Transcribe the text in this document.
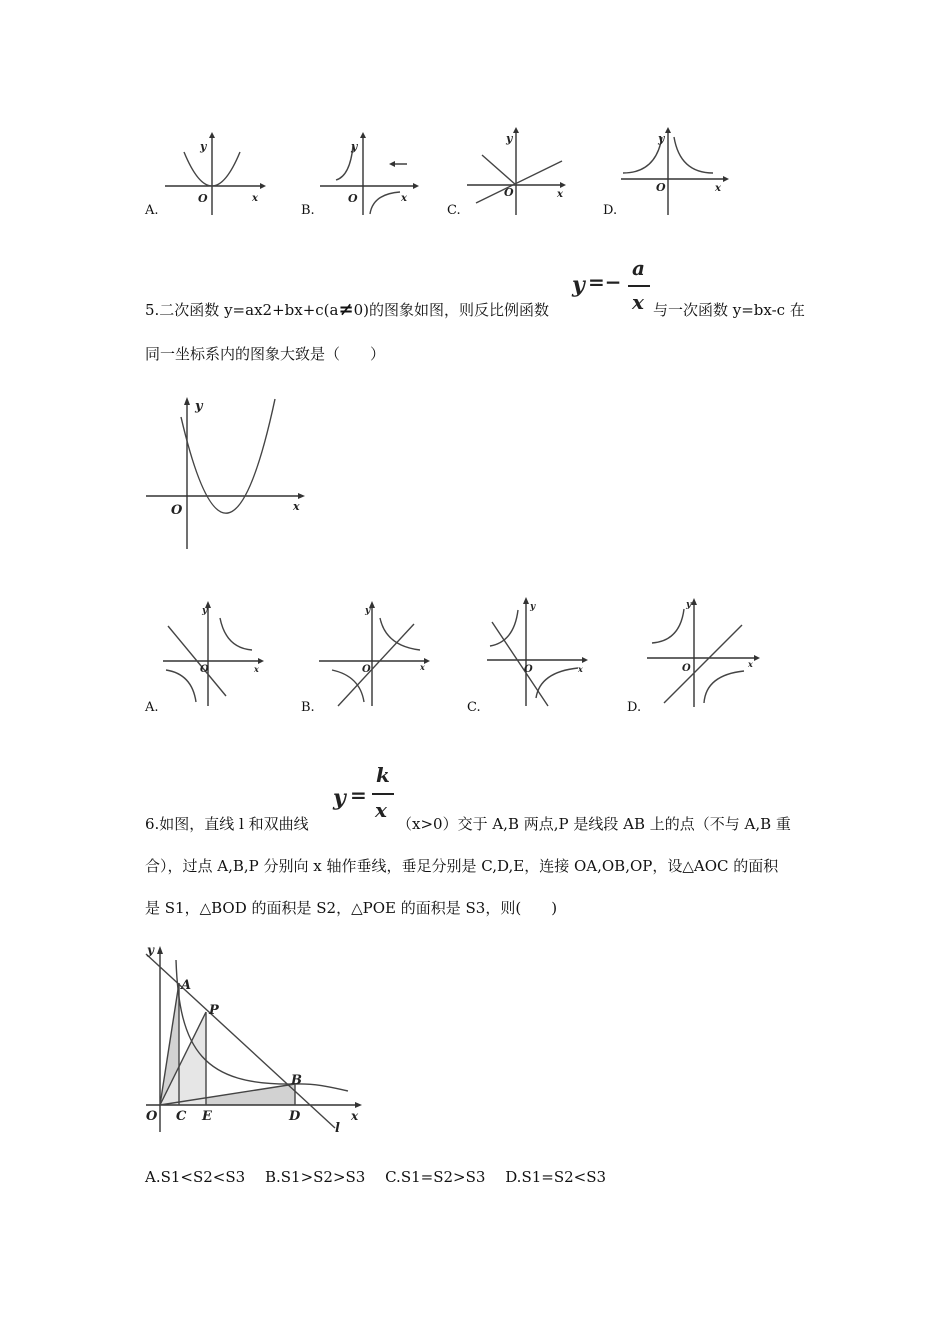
A.
y
O	x
B.
y
O	x
C.
y
O	x
D.
y
O	x
y =−
a
x
5.二次函数 y=ax2+bx+c(a≠0)的图象如图，则反比例函数	与一次函数 y=bx-c 在
同一坐标系内的图象大致是（　　）
y
O	x
A.
y
O	x
B.
y
O	x
C.
y
O	x
D.
y
O	x
y =
k
x
6.如图，直线 l 和双曲线	（x>0）交于 A,B 两点,P 是线段 AB 上的点（不与 A,B 重
合），过点 A,B,P 分别向 x 轴作垂线，垂足分别是 C,D,E，连接 OA,OB,OP，设△AOC 的面积
是 S1，△BOD 的面积是 S2，△POE 的面积是 S3，则(　　)
y
A
P
B
O C E	D	x
l
A.S1<S2<S3　 B.S1>S2>S3　 C.S1=S2>S3　 D.S1=S2<S3
